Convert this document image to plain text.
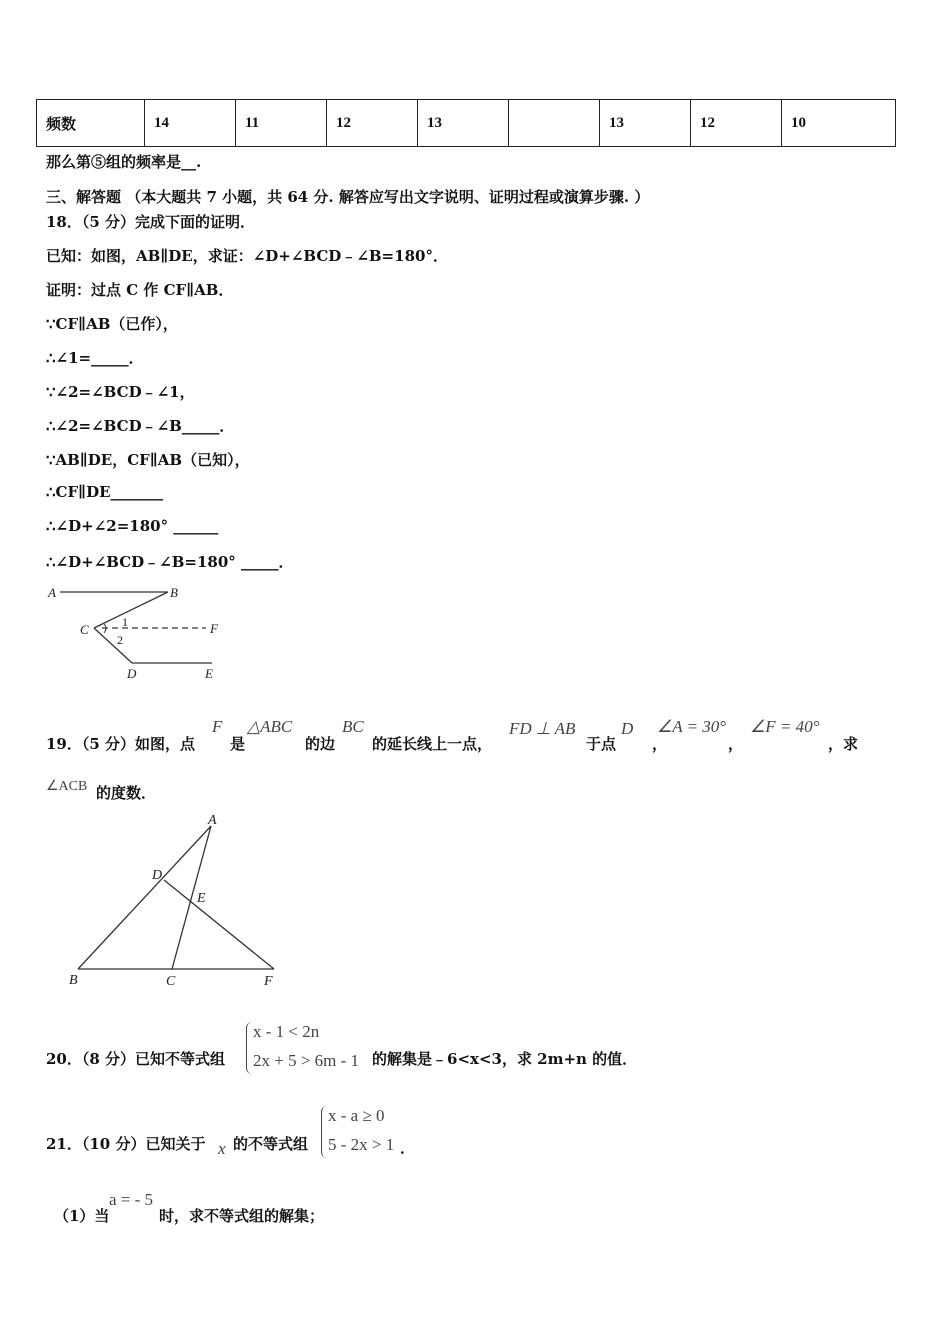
频数	14	11	12	13		13	12	10
那么第⑤组的频率是__.
三、解答题 （本大题共 7 小题，共 64 分. 解答应写出文字说明、证明过程或演算步骤. ）
18．（5 分）完成下面的证明．
已知：如图，AB∥DE，求证：∠D+∠BCD﹣∠B=180°．
证明：过点 C 作 CF∥AB．
∵CF∥AB（已作），
∴∠1=_____．
∵∠2=∠BCD﹣∠1，
∴∠2=∠BCD﹣∠B_____．
∵AB∥DE，CF∥AB（已知），
∴CF∥DE_______
∴∠D+∠2=180° ______
∴∠D+∠BCD﹣∠B=180° _____．
A	B
C	F
D	E
1
2
19．（5 分）如图，点
F
是
△ABC
的边
BC
的延长线上一点，
FD ⊥ AB
于点
D
，
∠A = 30°
，
∠F = 40°
，求
∠ACB 的度数．
A
D
E
B	C	F
20．（8 分）已知不等式组
x - 1 < 2n
2x + 5 > 6m - 1 的解集是﹣6<x<3，求 2m+n 的值．
21．（10 分）已知关于 x 的不等式组
x - a ≥ 0
5 - 2x > 1 ．
（1）当
a = - 5
时，求不等式组的解集；
